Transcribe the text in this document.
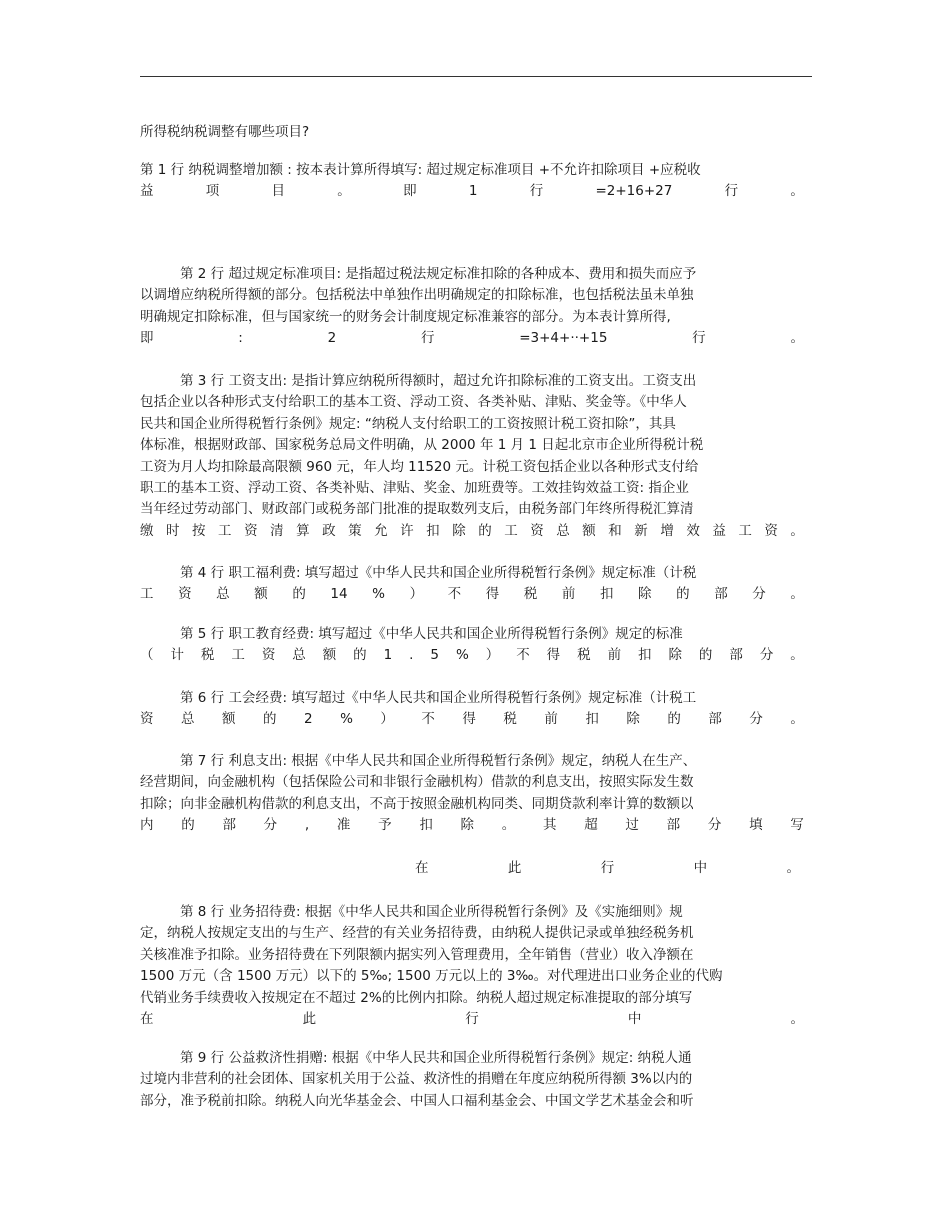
所得税纳税调整有哪些项目?
第 1 行 纳税调整增加额 : 按本表计算所得填写: 超过规定标准项目 +不允许扣除项目 +应税收
益	项	目	。	即	1	行	=2+16+27	行	。
第 2 行 超过规定标准项目: 是指超过税法规定标准扣除的各种成本、费用和损失而应予
以调增应纳税所得额的部分。包括税法中单独作出明确规定的扣除标准，也包括税法虽未单独
明确规定扣除标准，但与国家统一的财务会计制度规定标准兼容的部分。为本表计算所得,
即	:	2	行	=3+4+··+15	行	。
第 3 行 工资支出: 是指计算应纳税所得额时，超过允许扣除标准的工资支出。工资支出
包括企业以各种形式支付给职工的基本工资、浮动工资、各类补贴、津贴、奖金等。《中华人
民共和国企业所得税暂行条例》规定: “纳税人支付给职工的工资按照计税工资扣除”，其具
体标准，根据财政部、国家税务总局文件明确，从 2000 年 1 月 1 日起北京市企业所得税计税
工资为月人均扣除最高限额 960 元，年人均 11520 元。计税工资包括企业以各种形式支付给
职工的基本工资、浮动工资、各类补贴、津贴、奖金、加班费等。工效挂钩效益工资: 指企业
当年经过劳动部门、财政部门或税务部门批准的提取数列支后，由税务部门年终所得税汇算清
缴 时 按 工 资 清 算 政 策 允 许 扣 除 的 工 资 总 额 和 新 增 效 益 工 资 。
第 4 行 职工福利费: 填写超过《中华人民共和国企业所得税暂行条例》规定标准（计税
工 资 总 额 的 14 % ） 不 得 税 前 扣 除 的 部 分 。
第 5 行 职工教育经费: 填写超过《中华人民共和国企业所得税暂行条例》规定的标准
（ 计 税 工 资 总 额 的 1 . 5 % ） 不 得 税 前 扣 除 的 部 分 。
第 6 行 工会经费: 填写超过《中华人民共和国企业所得税暂行条例》规定标准（计税工
资 总 额 的 2 % ） 不 得 税 前 扣 除 的 部 分 。
第 7 行 利息支出: 根据《中华人民共和国企业所得税暂行条例》规定，纳税人在生产、
经营期间，向金融机构（包括保险公司和非银行金融机构）借款的利息支出，按照实际发生数
扣除；向非金融机构借款的利息支出，不高于按照金融机构同类、同期贷款利率计算的数额以
内 的 部 分 , 准 予 扣 除 。 其 超 过 部 分 填 写
在	此	行	中	。
第 8 行 业务招待费: 根据《中华人民共和国企业所得税暂行条例》及《实施细则》规
定，纳税人按规定支出的与生产、经营的有关业务招待费，由纳税人提供记录或单独经税务机
关核准准予扣除。业务招待费在下列限额内据实列入管理费用，全年销售（营业）收入净额在
1500 万元（含 1500 万元）以下的 5‰; 1500 万元以上的 3‰。对代理进出口业务企业的代购
代销业务手续费收入按规定在不超过 2%的比例内扣除。纳税人超过规定标准提取的部分填写
在	此	行	中	。
第 9 行 公益救济性捐赠: 根据《中华人民共和国企业所得税暂行条例》规定: 纳税人通
过境内非营利的社会团体、国家机关用于公益、救济性的捐赠在年度应纳税所得额 3%以内的
部分，准予税前扣除。纳税人向光华基金会、中国人口福利基金会、中国文学艺术基金会和听
